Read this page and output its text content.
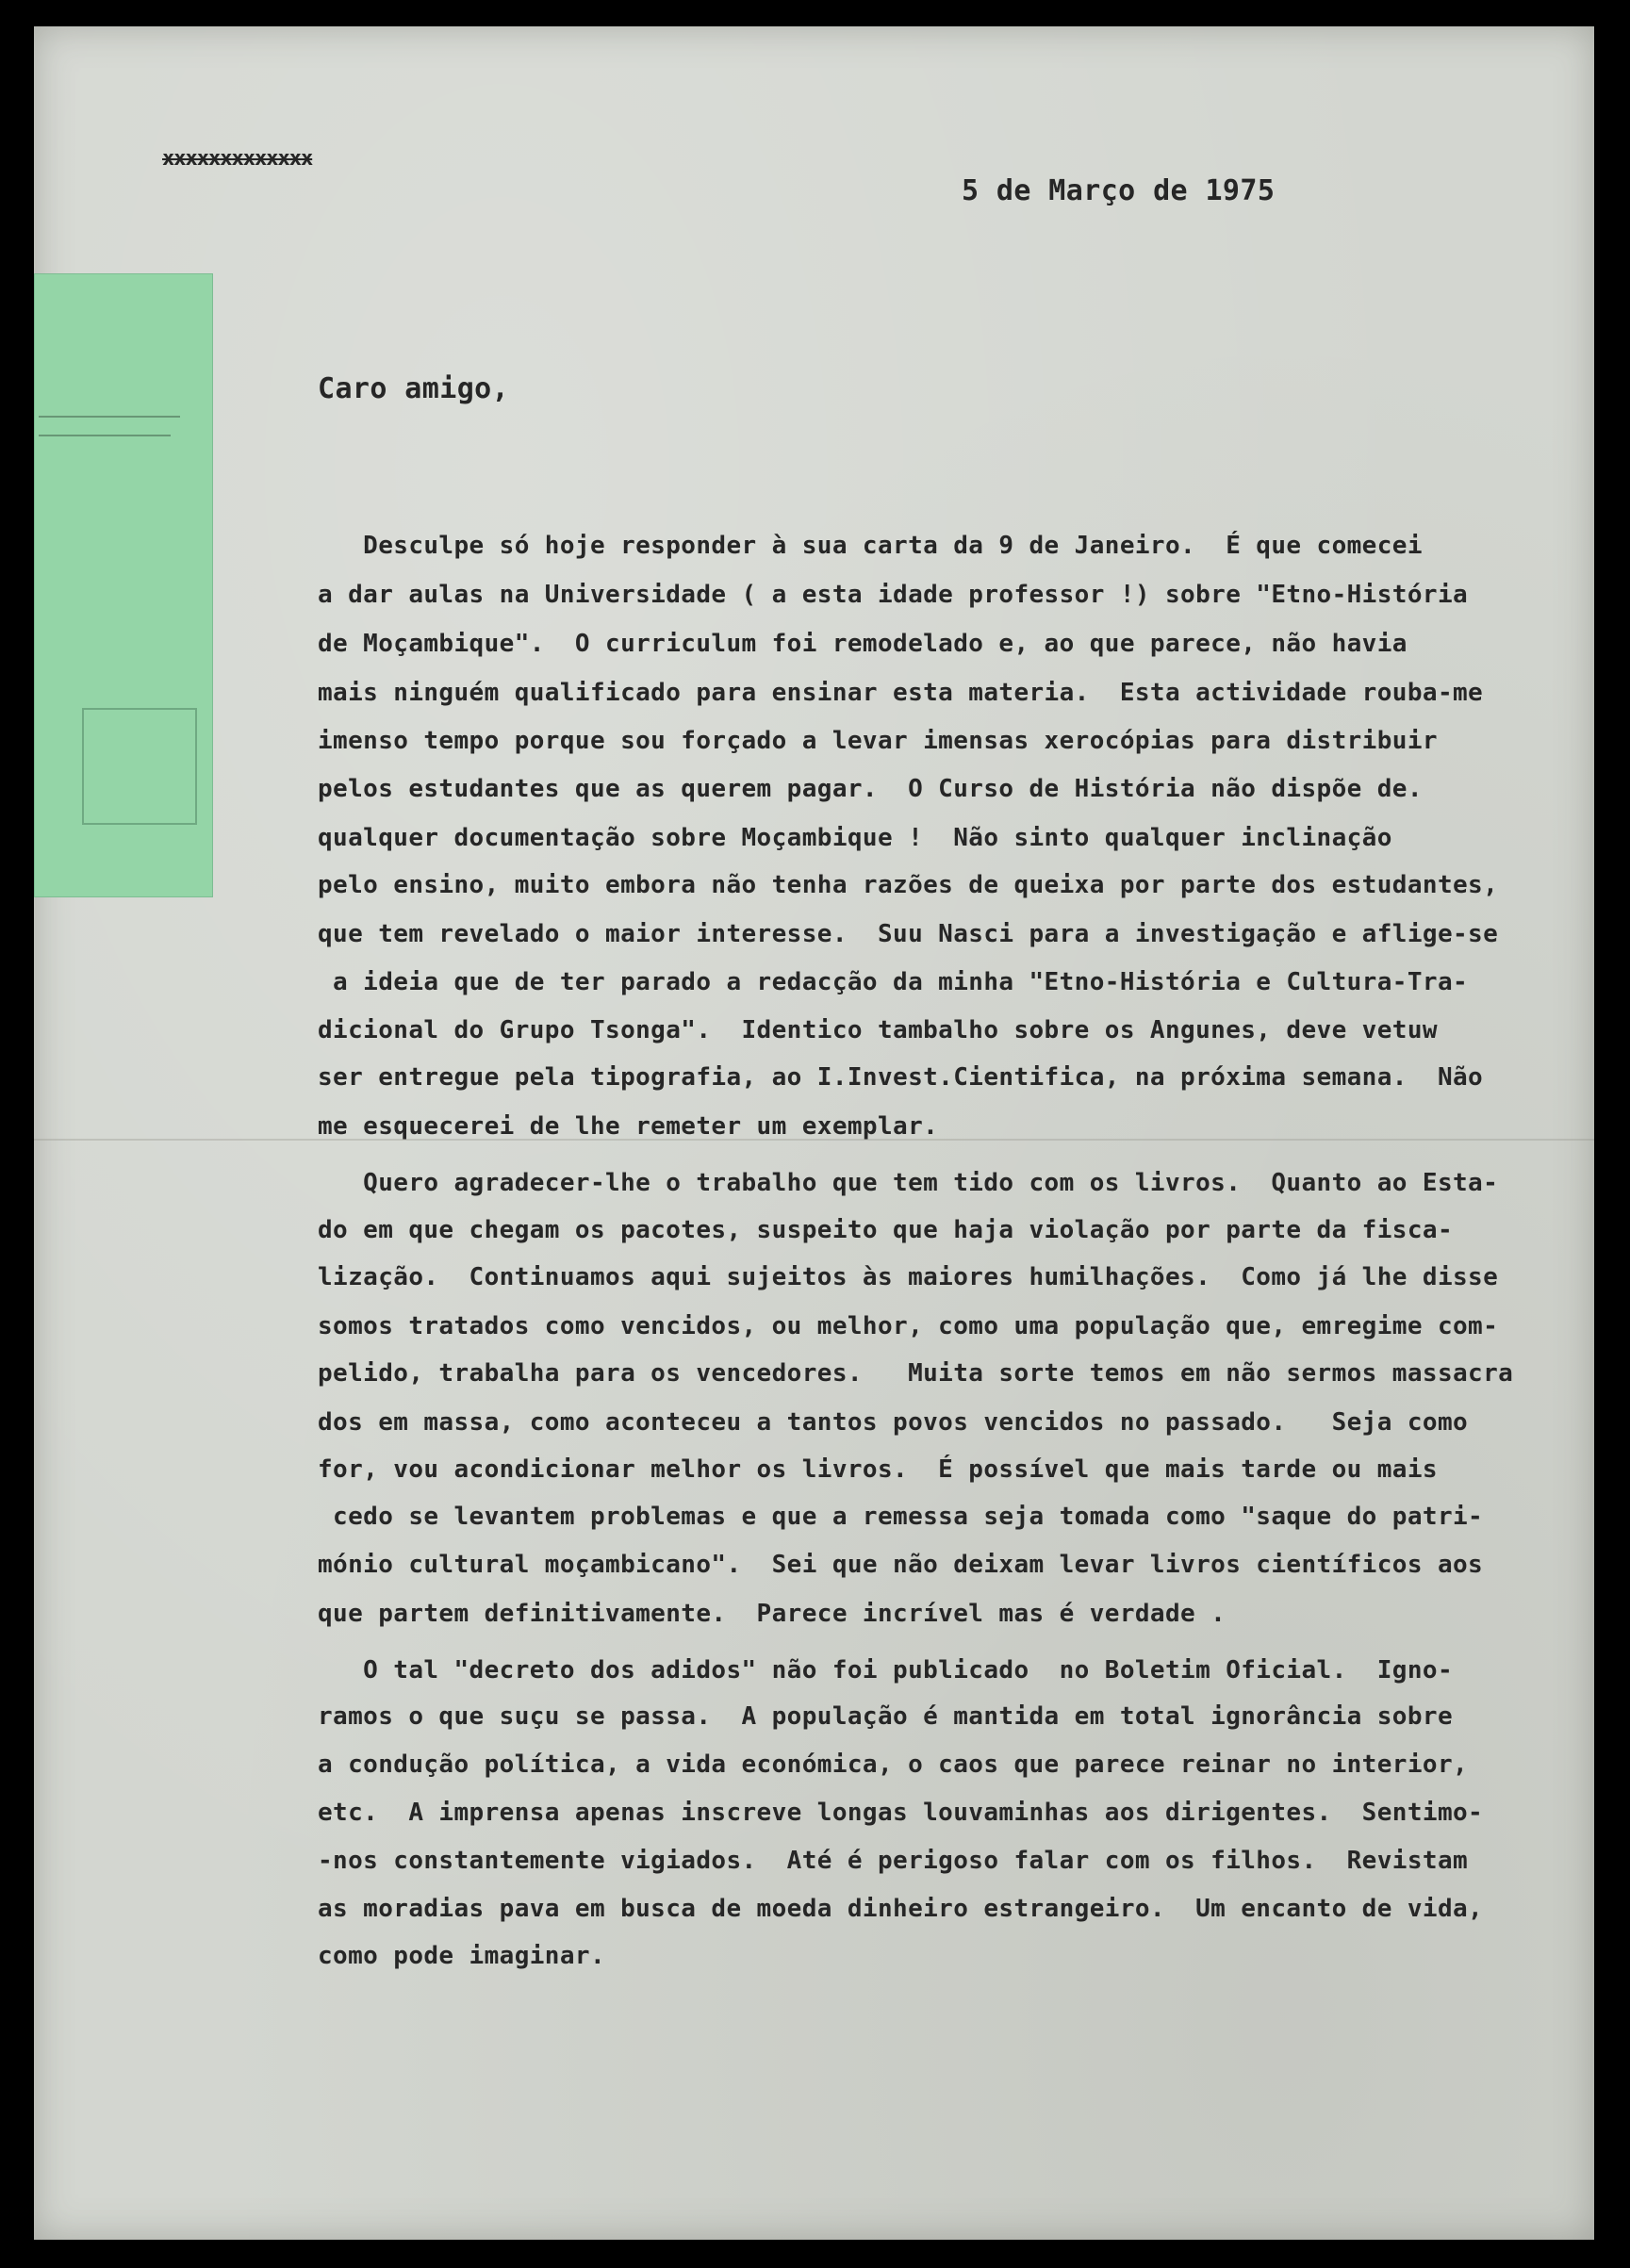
xxxxxxxxxxxxx
5 de Março de 1975
Caro amigo,
Desculpe só hoje responder à sua carta da 9 de Janeiro.  É que comecei
a dar aulas na Universidade ( a esta idade professor !) sobre "Etno-História
de Moçambique".  O curriculum foi remodelado e, ao que parece, não havia
mais ninguém qualificado para ensinar esta materia.  Esta actividade rouba-me
imenso tempo porque sou forçado a levar imensas xerocópias para distribuir
pelos estudantes que as querem pagar.  O Curso de História não dispõe de.
qualquer documentação sobre Moçambique !  Não sinto qualquer inclinação
pelo ensino, muito embora não tenha razões de queixa por parte dos estudantes,
que tem revelado o maior interesse.  Suu Nasci para a investigação e aflige-se
a ideia que de ter parado a redacção da minha "Etno-História e Cultura-Tra-
dicional do Grupo Tsonga".  Identico tambalho sobre os Angunes, deve vetuw
ser entregue pela tipografia, ao I.Invest.Cientifica, na próxima semana.  Não
me esquecerei de lhe remeter um exemplar.
Quero agradecer-lhe o trabalho que tem tido com os livros.  Quanto ao Esta-
do em que chegam os pacotes, suspeito que haja violação por parte da fisca-
lização.  Continuamos aqui sujeitos às maiores humilhações.  Como já lhe disse
somos tratados como vencidos, ou melhor, como uma população que, emregime com-
pelido, trabalha para os vencedores.   Muita sorte temos em não sermos massacra
dos em massa, como aconteceu a tantos povos vencidos no passado.   Seja como
for, vou acondicionar melhor os livros.  É possível que mais tarde ou mais
cedo se levantem problemas e que a remessa seja tomada como "saque do patri-
mónio cultural moçambicano".  Sei que não deixam levar livros científicos aos
que partem definitivamente.  Parece incrível mas é verdade .
O tal "decreto dos adidos" não foi publicado  no Boletim Oficial.  Igno-
ramos o que suçu se passa.  A população é mantida em total ignorância sobre
a condução política, a vida económica, o caos que parece reinar no interior,
etc.  A imprensa apenas inscreve longas louvaminhas aos dirigentes.  Sentimo-
-nos constantemente vigiados.  Até é perigoso falar com os filhos.  Revistam
as moradias pava em busca de moeda dinheiro estrangeiro.  Um encanto de vida,
como pode imaginar.
